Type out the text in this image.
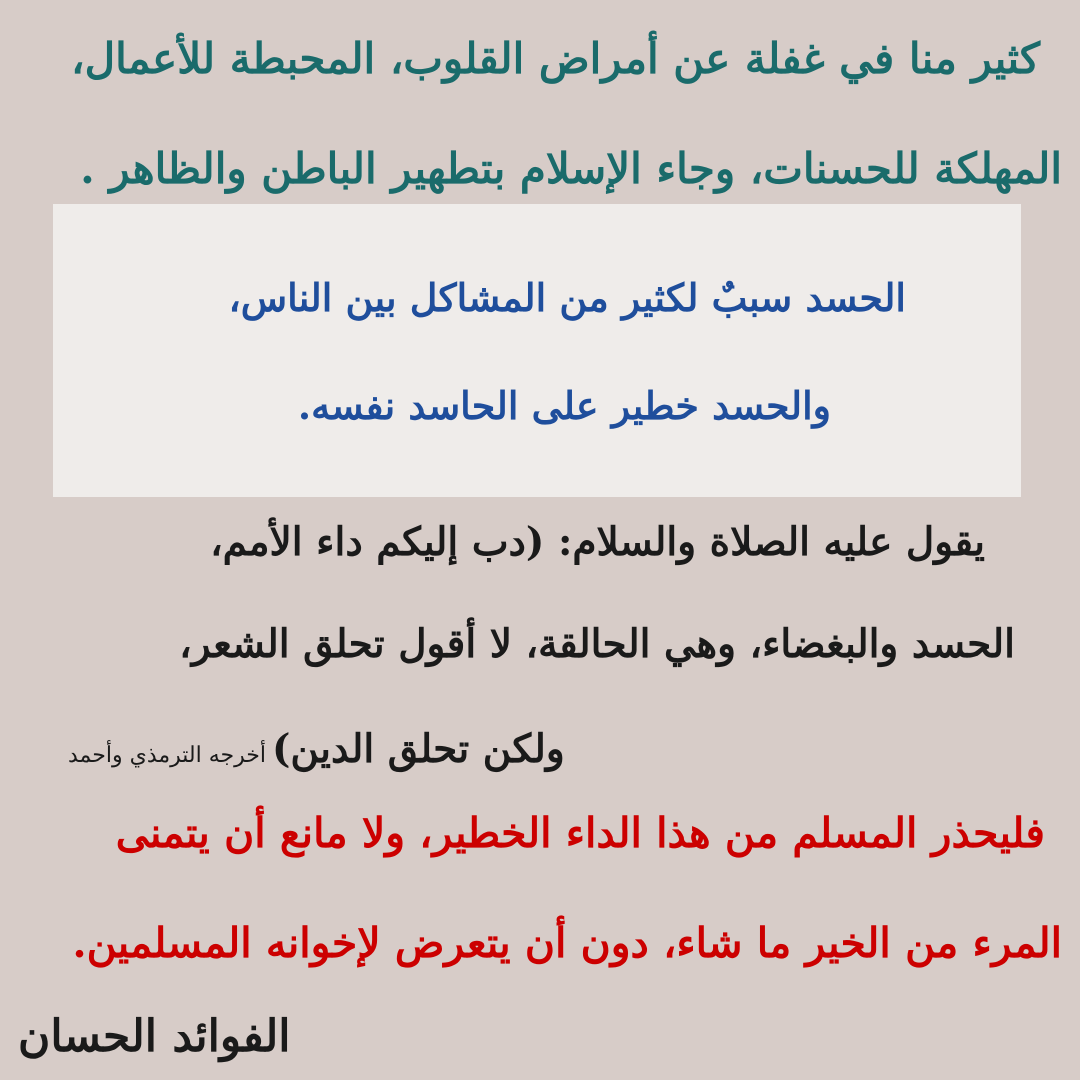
كثير منا في غفلة عن أمراض القلوب، المحبطة للأعمال،
المهلكة للحسنات، وجاء الإسلام بتطهير الباطن والظاهر .
الحسد سببٌ لكثير من المشاكل بين الناس،
والحسد خطير على الحاسد نفسه.
يقول عليه الصلاة والسلام: (دب إليكم داء الأمم،
الحسد والبغضاء، وهي الحالقة، لا أقول تحلق الشعر،
ولكن تحلق الدين)
أخرجه الترمذي وأحمد
فليحذر المسلم من هذا الداء الخطير، ولا مانع أن يتمنى
المرء من الخير ما شاء، دون أن يتعرض لإخوانه المسلمين.
الفوائد الحسان
